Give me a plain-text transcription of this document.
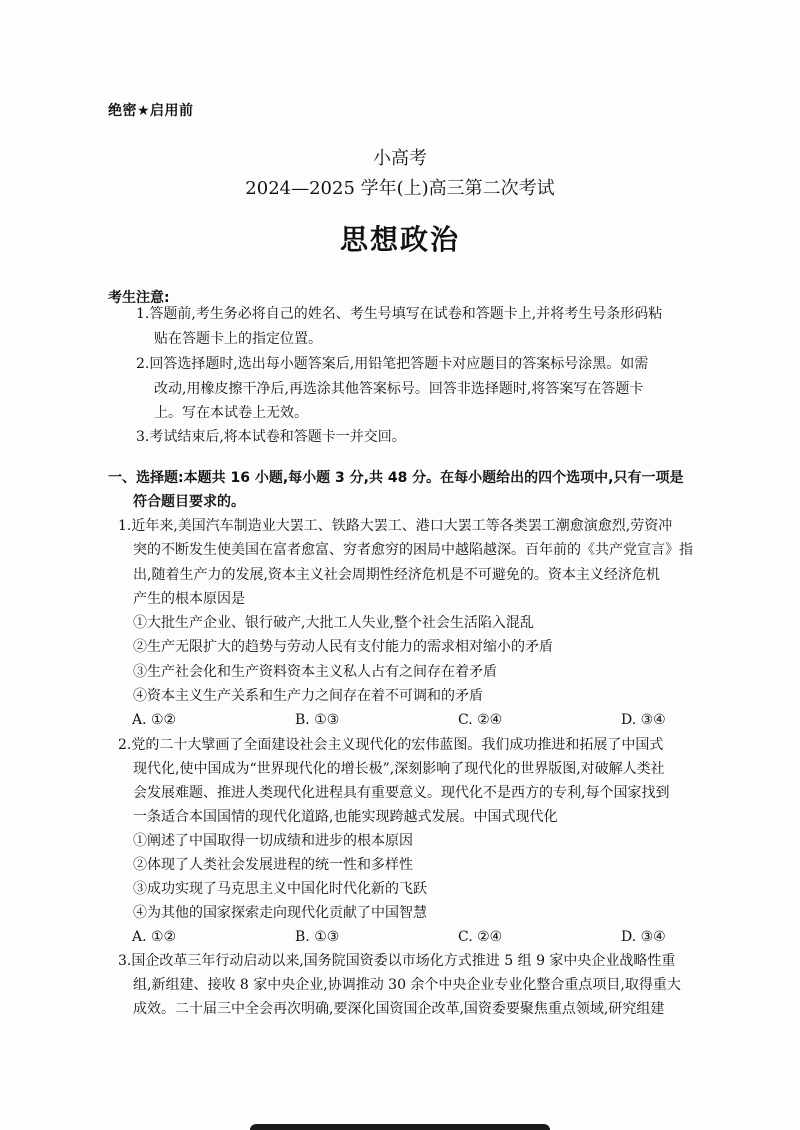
绝密★启用前
小高考
2024—2025 学年(上)高三第二次考试
思想政治
考生注意:
1.答题前,考生务必将自己的姓名、考生号填写在试卷和答题卡上,并将考生号条形码粘
贴在答题卡上的指定位置。
2.回答选择题时,选出每小题答案后,用铅笔把答题卡对应题目的答案标号涂黑。如需
改动,用橡皮擦干净后,再选涂其他答案标号。回答非选择题时,将答案写在答题卡
上。写在本试卷上无效。
3.考试结束后,将本试卷和答题卡一并交回。
一、选择题:本题共 16 小题,每小题 3 分,共 48 分。在每小题给出的四个选项中,只有一项是
符合题目要求的。
1.近年来,美国汽车制造业大罢工、铁路大罢工、港口大罢工等各类罢工潮愈演愈烈,劳资冲
突的不断发生使美国在富者愈富、穷者愈穷的困局中越陷越深。百年前的《共产党宣言》指
出,随着生产力的发展,资本主义社会周期性经济危机是不可避免的。资本主义经济危机
产生的根本原因是
①大批生产企业、银行破产,大批工人失业,整个社会生活陷入混乱
②生产无限扩大的趋势与劳动人民有支付能力的需求相对缩小的矛盾
③生产社会化和生产资料资本主义私人占有之间存在着矛盾
④资本主义生产关系和生产力之间存在着不可调和的矛盾
A. ①②	B. ①③	C. ②④	D. ③④
2.党的二十大擘画了全面建设社会主义现代化的宏伟蓝图。我们成功推进和拓展了中国式
现代化,使中国成为“世界现代化的增长极”,深刻影响了现代化的世界版图,对破解人类社
会发展难题、推进人类现代化进程具有重要意义。现代化不是西方的专利,每个国家找到
一条适合本国国情的现代化道路,也能实现跨越式发展。中国式现代化
①阐述了中国取得一切成绩和进步的根本原因
②体现了人类社会发展进程的统一性和多样性
③成功实现了马克思主义中国化时代化新的飞跃
④为其他的国家探索走向现代化贡献了中国智慧
A. ①②	B. ①③	C. ②④	D. ③④
3.国企改革三年行动启动以来,国务院国资委以市场化方式推进 5 组 9 家中央企业战略性重
组,新组建、接收 8 家中央企业,协调推动 30 余个中央企业专业化整合重点项目,取得重大
成效。二十届三中全会再次明确,要深化国资国企改革,国资委要聚焦重点领域,研究组建
